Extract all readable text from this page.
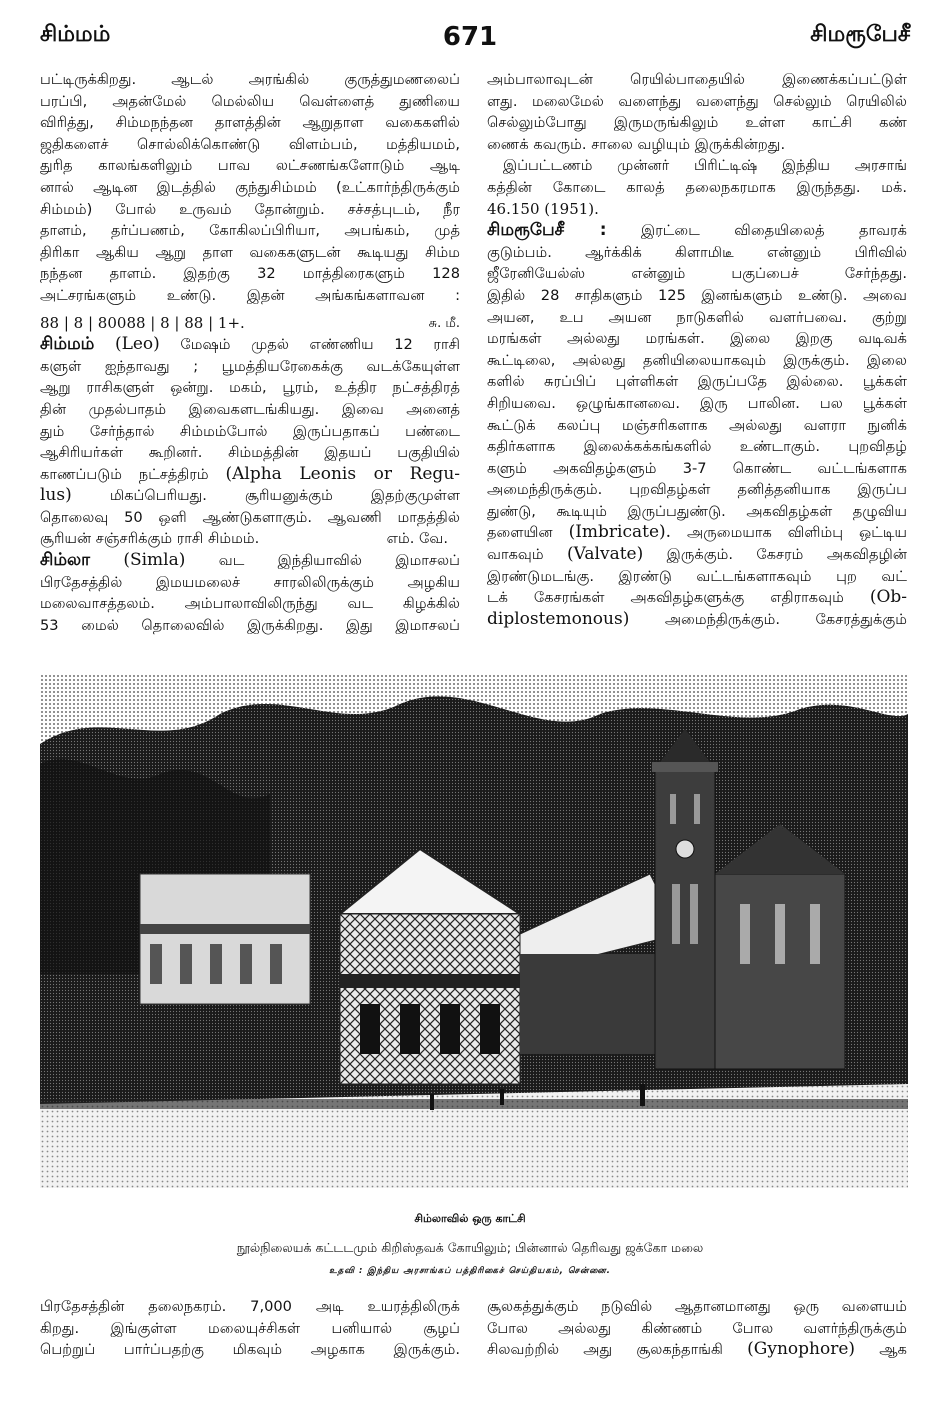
சிம்மம்	671	சிமரூபேசீ
பட்டிருக்கிறது. ஆடல் அரங்கில் குருத்துமணலைப்
பரப்பி, அதன்மேல் மெல்லிய வெள்ளைத் துணியை
விரித்து, சிம்மநந்தன தாளத்தின் ஆறுதாள வகைகளில்
ஜதிகளைச் சொல்லிக்கொண்டு விளம்பம், மத்தியமம்,
துரித காலங்களிலும் பாவ லட்சணங்களோடும் ஆடி
னால் ஆடின இடத்தில் குந்துசிம்மம் (உட்கார்ந்திருக்கும்
சிம்மம்) போல் உருவம் தோன்றும். சச்சத்புடம், நீர
தாளம், தர்ப்பணம், கோகிலப்பிரியா, அபங்கம், முத்
திரிகா ஆகிய ஆறு தாள வகைகளுடன் கூடியது சிம்ம
நந்தன தாளம். இதற்கு 32 மாத்திரைகளும் 128
அட்சரங்களும் உண்டு. இதன் அங்கங்களாவன :
88 | 8 | 80088 | 8 | 88 | 1+.	சு. மீ.
சிம்மம் (Leo) மேஷம் முதல் எண்ணிய 12 ராசி
களுள் ஐந்தாவது ; பூமத்தியரேகைக்கு வடக்கேயுள்ள
ஆறு ராசிகளுள் ஒன்று. மகம், பூரம், உத்திர நட்சத்திரத்
தின் முதல்பாதம் இவைகளடங்கியது. இவை அனைத்
தும் சேர்ந்தால் சிம்மம்போல் இருப்பதாகப் பண்டை
ஆசிரியர்கள் கூறினர். சிம்மத்தின் இதயப் பகுதியில்
காணப்படும் நட்சத்திரம் (Alpha Leonis or Regu-
lus)	மிகப்பெரியது. சூரியனுக்கும் இதற்குமுள்ள
தொலைவு 50 ஒளி ஆண்டுகளாகும். ஆவணி மாதத்தில்
சூரியன் சஞ்சரிக்கும் ராசி சிம்மம்.	எம். வே.
சிம்லா (Simla) வட இந்தியாவில் இமாசலப்
பிரதேசத்தில் இமயமலைச் சாரலிலிருக்கும் அழகிய
மலைவாசத்தலம். அம்பாலாவிலிருந்து வட கிழக்கில்
53 மைல் தொலைவில் இருக்கிறது. இது இமாசலப்
அம்பாலாவுடன் ரெயில்பாதையில் இணைக்கப்பட்டுள்
ளது. மலைமேல் வளைந்து வளைந்து செல்லும் ரெயிலில்
செல்லும்போது இருமருங்கிலும் உள்ள காட்சி கண்
ணைக் கவரும். சாலை வழியும் இருக்கின்றது.
இப்பட்டணம் முன்னர் பிரிட்டிஷ் இந்திய அரசாங்
கத்தின் கோடை காலத் தலைநகரமாக இருந்தது. மக்.
46.150 (1951).
சிமரூபேசீ : இரட்டை விதையிலைத் தாவரக்
குடும்பம். ஆர்க்கிக் கிளாமிடீ என்னும் பிரிவில்
ஜீரேனியேல்ஸ் என்னும் பகுப்பைச் சேர்ந்தது.
இதில் 28 சாதிகளும் 125 இனங்களும் உண்டு. அவை
அயன, உப அயன நாடுகளில் வளர்பவை. குற்று
மரங்கள் அல்லது மரங்கள். இலை இறகு வடிவக்
கூட்டிலை, அல்லது தனியிலையாகவும் இருக்கும். இலை
களில் சுரப்பிப் புள்ளிகள் இருப்பதே இல்லை. பூக்கள்
சிறியவை. ஒழுங்கானவை. இரு பாலின. பல பூக்கள்
கூட்டுக் கலப்பு மஞ்சரிகளாக அல்லது வளரா நுனிக்
கதிர்களாக இலைக்கக்கங்களில் உண்டாகும். புறவிதழ்
களும் அகவிதழ்களும் 3-7 கொண்ட வட்டங்களாக
அமைந்திருக்கும். புறவிதழ்கள் தனித்தனியாக இருப்ப
துண்டு, கூடியும் இருப்பதுண்டு. அகவிதழ்கள் தழுவிய
தளையின (Imbricate). அருமையாக விளிம்பு ஒட்டிய
வாகவும் (Valvate) இருக்கும். கேசரம் அகவிதழின்
இரண்டுமடங்கு. இரண்டு வட்டங்களாகவும் புற வட்
டக் கேசரங்கள் அகவிதழ்களுக்கு எதிராகவும் (Ob-
diplostemonous) அமைந்திருக்கும். கேசரத்துக்கும்
சிம்லாவில் ஒரு காட்சி
நூல்நிலையக் கட்டடமும் கிறிஸ்தவக் கோயிலும்; பின்னால் தெரிவது ஜக்கோ மலை
உதவி : இந்திய அரசாங்கப் பத்திரிகைச் செய்தியகம், சென்னை.
பிரதேசத்தின் தலைநகரம். 7,000 அடி உயரத்திலிருக்
கிறது. இங்குள்ள மலையுச்சிகள் பனியால் சூழப்
பெற்றுப் பார்ப்பதற்கு மிகவும் அழகாக இருக்கும்.
சூலகத்துக்கும் நடுவில் ஆதானமானது ஒரு வளையம்
போல அல்லது கிண்ணம் போல வளர்ந்திருக்கும்
சிலவற்றில் அது சூலகந்தாங்கி (Gynophore) ஆக
